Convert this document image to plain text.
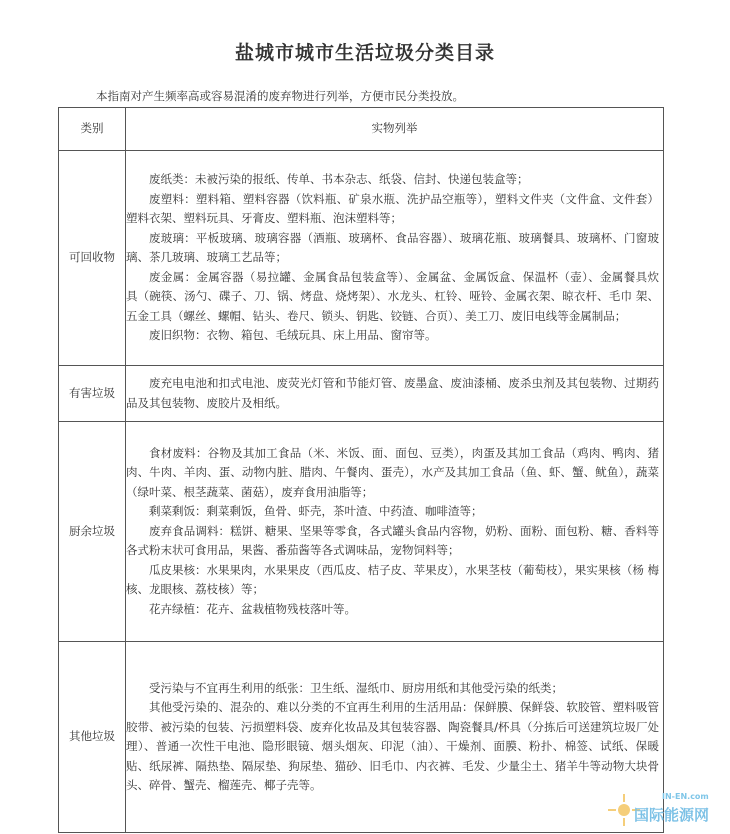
盐城市城市生活垃圾分类目录
本指南对产生频率高或容易混淆的废弃物进行列举，方便市民分类投放。
类别	实物列举
可回收物	废纸类：未被污染的报纸、传单、书本杂志、纸袋、信封、快递包装盒等；

废塑料：塑料箱、塑料容器（饮料瓶、矿泉水瓶、洗护品空瓶等），塑料文件夹（文件盒、文件套）塑料衣架、塑料玩具、牙膏皮、塑料瓶、泡沫塑料等；

废玻璃：平板玻璃、玻璃容器（酒瓶、玻璃杯、食品容器）、玻璃花瓶、玻璃餐具、玻璃杯、门窗玻璃、茶几玻璃、玻璃工艺品等；

废金属：金属容器（易拉罐、金属食品包装盒等）、金属盆、金属饭盒、保温杯（壶）、金属餐具炊　　具（碗筷、汤勺、碟子、刀、锅、烤盘、烧烤架）、水龙头、杠铃、哑铃、金属衣架、晾衣杆、毛巾 架、五金工具（螺丝、螺帽、钻头、卷尺、锁头、钥匙、铰链、合页）、美工刀、废旧电线等金属制品；

废旧织物：衣物、箱包、毛绒玩具、床上用品、窗帘等。

有害垃圾	废充电电池和扣式电池、废荧光灯管和节能灯管、废墨盒、废油漆桶、废杀虫剂及其包装物、过期药品及其包装物、废胶片及相纸。

厨余垃圾	食材废料：谷物及其加工食品（米、米饭、面、面包、豆类），肉蛋及其加工食品（鸡肉、鸭肉、猪 肉、牛肉、羊肉、蛋、动物内脏、腊肉、午餐肉、蛋壳），水产及其加工食品（鱼、虾、蟹、鱿鱼），蔬菜（绿叶菜、根茎蔬菜、菌菇），废弃食用油脂等；

剩菜剩饭：剩菜剩饭，鱼骨、虾壳，茶叶渣、中药渣、咖啡渣等；

废弃食品调料：糕饼、糖果、坚果等零食，各式罐头食品内容物，奶粉、面粉、面包粉、糖、香料等 各式粉末状可食用品，果酱、番茄酱等各式调味品，宠物饲料等；

瓜皮果核：水果果肉，水果果皮（西瓜皮、桔子皮、苹果皮），水果茎枝（葡萄枝），果实果核（杨 梅核、龙眼核、荔枝核）等；

花卉绿植：花卉、盆栽植物残枝落叶等。

其他垃圾	受污染与不宜再生利用的纸张：卫生纸、湿纸巾、厨房用纸和其他受污染的纸类；

其他受污染的、混杂的、难以分类的不宜再生利用的生活用品：保鲜膜、保鲜袋、软胶管、塑料吸管 胶带、被污染的包装、污损塑料袋、废弃化妆品及其包装容器、陶瓷餐具/杯具（分拣后可送建筑垃圾厂处理）、普通一次性干电池、隐形眼镜、烟头烟灰、印泥（油）、干燥剂、面膜、粉扑、棉签、试纸、保暖贴、纸尿裤、隔热垫、隔尿垫、狗尿垫、猫砂、旧毛巾、内衣裤、毛发、少量尘土、猪羊牛等动物大块骨头、碎骨、蟹壳、榴莲壳、椰子壳等。

IN-EN.com
国际能源网
